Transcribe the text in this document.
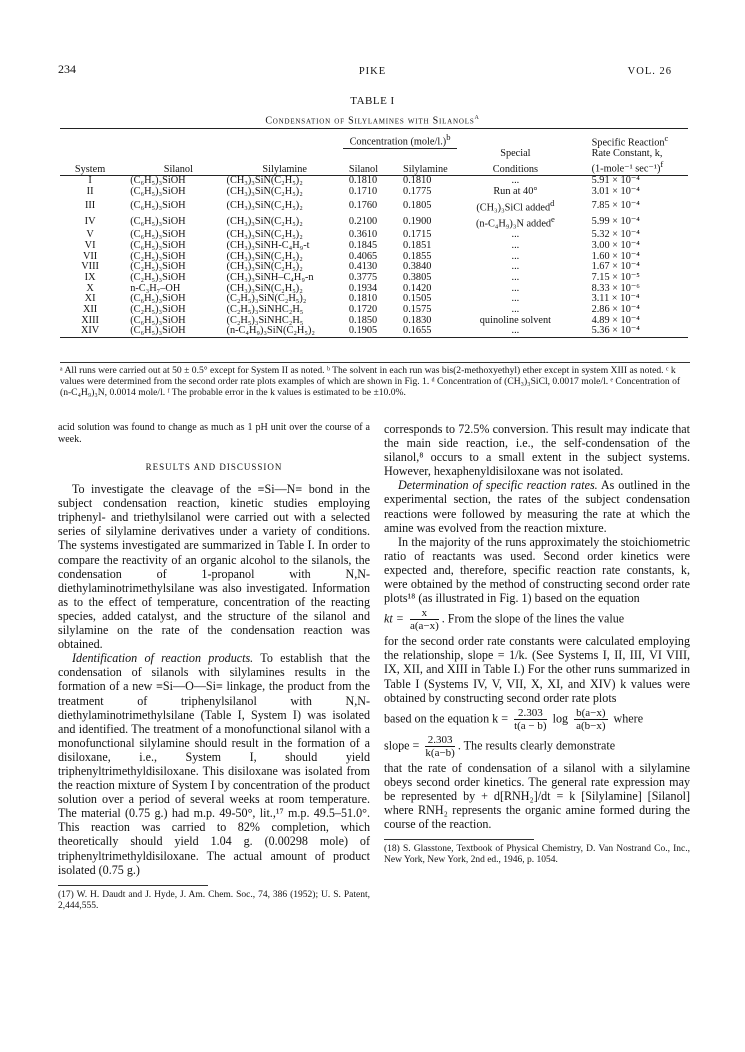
234	PIKE	VOL. 26
TABLE I
Condensation of Silylamines with Silanols$^a$
			Concentration (mole/l.)$^b$			Specific Reaction$^c$
					Special	Rate Constant, k,
System	Silanol	Silylamine	Silanol	Silylamine	Conditions	(1-mole⁻¹ sec⁻¹)$^f$
I	(C₆H₅)₃SiOH	(CH₃)₃SiN(C₂H₅)₂	0.1810	0.1810	...	5.91 × 10⁻⁴
II	(C₆H₅)₃SiOH	(CH₃)₃SiN(C₂H₅)₂	0.1710	0.1775	Run at 40°	3.01 × 10⁻⁴
III	(C₆H₅)₃SiOH	(CH₃)₃SiN(C₂H₅)₂	0.1760	0.1805	(CH₃)₃SiCl added$^d$	7.85 × 10⁻⁴
IV	(C₆H₅)₃SiOH	(CH₃)₃SiN(C₂H₅)₂	0.2100	0.1900	(n-C₄H₉)₃N added$^e$	5.99 × 10⁻⁴
V	(C₆H₅)₃SiOH	(CH₃)₃SiN(C₂H₅)₂	0.3610	0.1715	...	5.32 × 10⁻⁴
VI	(C₆H₅)₃SiOH	(CH₃)₃SiNH-C₄H₉-t	0.1845	0.1851	...	3.00 × 10⁻⁴
VII	(C₂H₅)₃SiOH	(CH₃)₃SiN(C₂H₅)₂	0.4065	0.1855	...	1.60 × 10⁻⁴
VIII	(C₂H₅)₃SiOH	(CH₃)₃SiN(C₂H₅)₂	0.4130	0.3840	...	1.67 × 10⁻⁴
IX	(C₂H₅)₃SiOH	(CH₃)₃SiNH–C₄H₉-n	0.3775	0.3805	...	7.15 × 10⁻⁵
X	n-C₃H₇–OH	(CH₃)₃SiN(C₂H₅)₂	0.1934	0.1420	...	8.33 × 10⁻⁶
XI	(C₆H₅)₃SiOH	(C₂H₅)₃SiN(C₂H₅)₂	0.1810	0.1505	...	3.11 × 10⁻⁴
XII	(C₂H₅)₃SiOH	(C₂H₅)₃SiNHC₂H₅	0.1720	0.1575	...	2.86 × 10⁻⁴
XIII	(C₆H₅)₃SiOH	(C₂H₅)₃SiNHC₂H₅	0.1850	0.1830	quinoline solvent	4.89 × 10⁻⁴
XIV	(C₆H₅)₃SiOH	(n-C₄H₉)₃SiN(C₂H₅)₂	0.1905	0.1655	...	5.36 × 10⁻⁴
ᵃ All runs were carried out at 50 ± 0.5° except for System II as noted. ᵇ The solvent in each run was bis(2-methoxyethyl) ether except in system XIII as noted. ᶜ k values were determined from the second order rate plots examples of which are shown in Fig. 1. ᵈ Concentration of (CH₃)₃SiCl, 0.0017 mole/l. ᵉ Concentration of (n-C₄H₉)₃N, 0.0014 mole/l. ᶠ The probable error in the k values is estimated to be ±10.0%.

acid solution was found to change as much as 1 pH unit over the course of a week.

RESULTS AND DISCUSSION

To investigate the cleavage of the ≡Si—N≡ bond in the subject condensation reaction, kinetic studies employing triphenyl- and triethylsilanol were carried out with a selected series of silylamine derivatives under a variety of conditions. The systems investigated are summarized in Table I. In order to compare the reactivity of an organic alcohol to the silanols, the condensation of 1-propanol with N,N-diethylaminotrimethylsilane was also investigated. Information as to the effect of temperature, concentration of the reacting species, added catalyst, and the structure of the silanol and silylamine on the rate of the condensation reaction was obtained.

Identification of reaction products. To establish that the condensation of silanols with silylamines results in the formation of a new ≡Si—O—Si≡ linkage, the product from the treatment of triphenylsilanol with N,N-diethylaminotrimethylsilane (Table I, System I) was isolated and identified. The treatment of a monofunctional silanol with a monofunctional silylamine should result in the formation of a disiloxane, i.e., System I, should yield triphenyltrimethyldisiloxane. This disiloxane was isolated from the reaction mixture of System I by concentration of the product solution over a period of several weeks at room temperature. The material (0.75 g.) had m.p. 49-50°, lit.,¹⁷ m.p. 49.5–51.0°. This reaction was carried to 82% completion, which theoretically should yield 1.04 g. (0.00298 mole) of triphenyltrimethyldisiloxane. The actual amount of product isolated (0.75 g.)

(17) W. H. Daudt and J. Hyde, J. Am. Chem. Soc., 74, 386 (1952); U. S. Patent, 2,444,555.

corresponds to 72.5% conversion. This result may indicate that the main side reaction, i.e., the self-condensation of the silanol,⁸ occurs to a small extent in the subject systems. However, hexaphenyldisiloxane was not isolated.

Determination of specific reaction rates. As outlined in the experimental section, the rates of the subject condensation reactions were followed by measuring the rate at which the amine was evolved from the reaction mixture.

In the majority of the runs approximately the stoichiometric ratio of reactants was used. Second order kinetics were expected and, therefore, specific reaction rate constants, k, were obtained by the method of constructing second order rate plots¹⁸ (as illustrated in Fig. 1) based on the equation

kt = $\frac{x}{a(a-x)}$ . From the slope of the lines the value

for the second order rate constants were calculated employing the relationship, slope = 1/k. (See Systems I, II, III, VI VIII, IX, XII, and XIII in Table I.) For the other runs summarized in Table I (Systems IV, V, VII, X, XI, and XIV) k values were obtained by constructing second order rate plots

based on the equation $k = \frac{2.303}{t(a - b)}$ $\log \frac{b(a-x)}{a(b-x)}$ where

slope = $\frac{2.303}{k(a-b)}$ . The results clearly demonstrate

that the rate of condensation of a silanol with a silylamine obeys second order kinetics. The general rate expression may be represented by + d[RNH₂]/dt = k [Silylamine] [Silanol] where RNH₂ represents the organic amine formed during the course of the reaction.

(18) S. Glasstone, Textbook of Physical Chemistry, D. Van Nostrand Co., Inc., New York, New York, 2nd ed., 1946, p. 1054.
